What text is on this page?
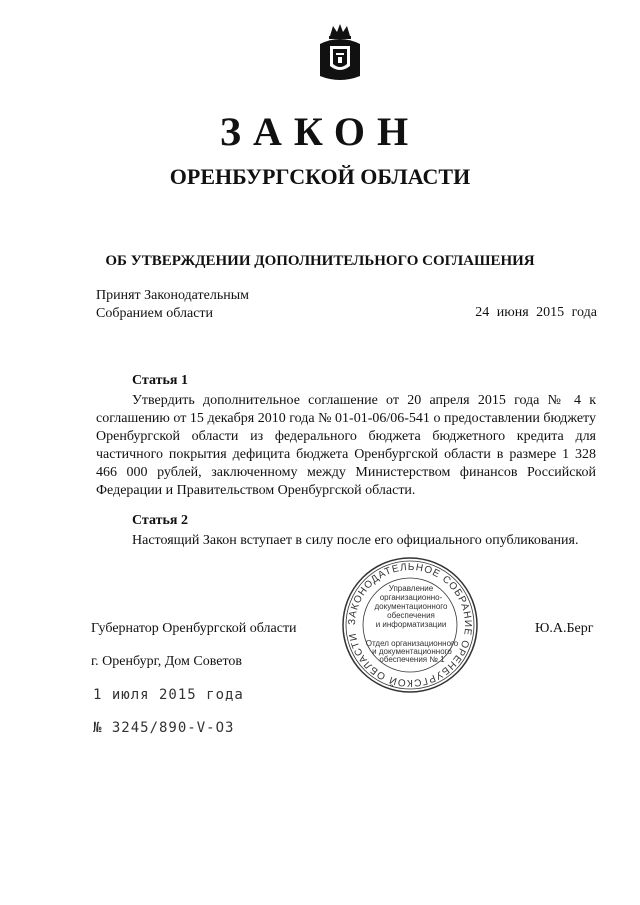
ЗАКОН
ОРЕНБУРГСКОЙ ОБЛАСТИ
ОБ УТВЕРЖДЕНИИ ДОПОЛНИТЕЛЬНОГО СОГЛАШЕНИЯ
Принят Законодательным
Собранием области	24 июня 2015 года
Статья 1
Утвердить дополнительное соглашение от 20 апреля 2015 года № 4 к соглашению от 15 декабря 2010 года № 01-01-06/06-541 о предоставлении бюджету Оренбургской области из федерального бюджета бюджетного кредита для частичного покрытия дефицита бюджета Оренбургской области в размере 1 328 466 000 рублей, заключенному между Министерством финансов Российской Федерации и Правительством Оренбургской области.
Статья 2
Настоящий Закон вступает в силу после его официального опубликования.
ЗАКОНОДАТЕЛЬНОЕ СОБРАНИЕ ОРЕНБУРГСКОЙ ОБЛАСТИ
Управление
организационно-
документационного
обеспечения
и информатизации
Отдел организационного
и документационного
обеспечения № 1
Губернатор Оренбургской области	Ю.А.Берг
г. Оренбург, Дом Советов
1 июля 2015 года
№ 3245/890-V-ОЗ
